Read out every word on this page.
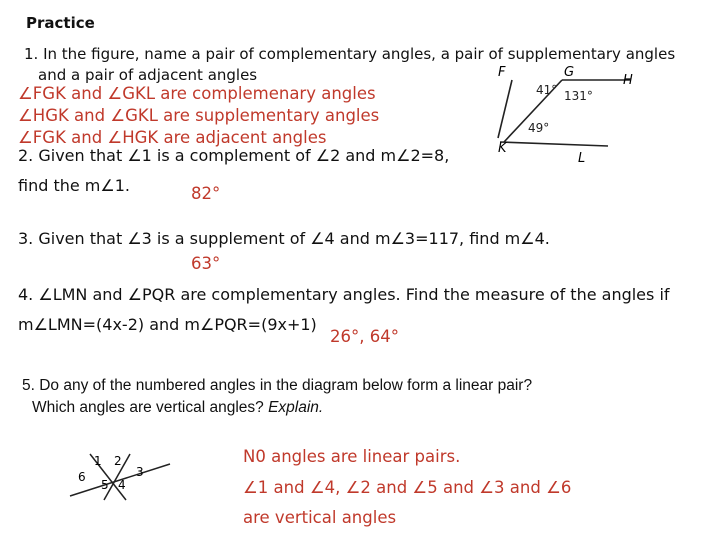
Practice
1. In the figure, name a pair of complementary angles, a pair of supplementary angles
and a pair of adjacent angles
∠FGK and ∠GKL are complemenary angles
∠HGK and ∠GKL are supplementary angles
∠FGK and ∠HGK are adjacent angles
F	G
H
K
L
41° 131°
49°
2. Given that ∠1 is a complement of ∠2 and m∠2=8,
find the m∠1.	82°
3. Given that ∠3 is a supplement of ∠4 and m∠3=117, find m∠4.
63°
4. ∠LMN and ∠PQR are complementary angles. Find the measure of the angles if
m∠LMN=(4x-2) and m∠PQR=(9x+1)
26°, 64°
5. Do any of the numbered angles in the diagram below form a linear pair?
Which angles are vertical angles? Explain.
1 2
3
4
5
6
N0 angles are linear pairs.
∠1 and ∠4, ∠2 and ∠5 and ∠3 and ∠6
are vertical angles
